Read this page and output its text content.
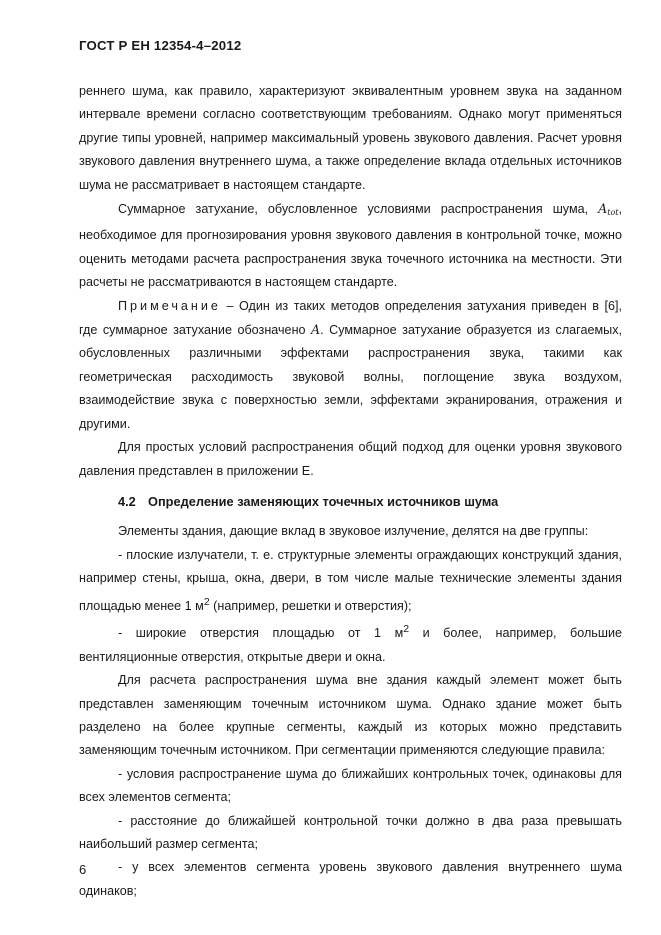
ГОСТ Р ЕН 12354-4–2012

реннего шума, как правило, характеризуют эквивалентным уровнем звука на заданном интервале времени согласно соответствующим требованиям. Однако могут применяться другие типы уровней, например максимальный уровень звукового давления. Расчет уровня звукового давления внутреннего шума, а также определение вклада отдельных источников шума не рассматривает в настоящем стандарте.

Суммарное затухание, обусловленное условиями распространения шума, $A_{tot}$, необходимое для прогнозирования уровня звукового давления в контрольной точке, можно оценить методами расчета распространения звука точечного источника на местности. Эти расчеты не рассматриваются в настоящем стандарте.

Примечание – Один из таких методов определения затухания приведен в [6], где суммарное затухание обозначено A. Суммарное затухание образуется из слагаемых, обусловленных различными эффектами распространения звука, такими как геометрическая расходимость звуковой волны, поглощение звука воздухом, взаимодействие звука с поверхностью земли, эффектами экранирования, отражения и другими.

Для простых условий распространения общий подход для оценки уровня звукового давления представлен в приложении Е.

4.2 Определение заменяющих точечных источников шума

Элементы здания, дающие вклад в звуковое излучение, делятся на две группы:

- плоские излучатели, т. е. структурные элементы ограждающих конструкций здания, например стены, крыша, окна, двери, в том числе малые технические элементы здания площадью менее 1 $м^2$ (например, решетки и отверстия);

- широкие отверстия площадью от 1 $м^2$ и более, например, большие вентиляционные отверстия, открытые двери и окна.

Для расчета распространения шума вне здания каждый элемент может быть представлен заменяющим точечным источником шума. Однако здание может быть разделено на более крупные сегменты, каждый из которых можно представить заменяющим точечным источником. При сегментации применяются следующие правила:

- условия распространение шума до ближайших контрольных точек, одинаковы для всех элементов сегмента;

- расстояние до ближайшей контрольной точки должно в два раза превышать наибольший размер сегмента;

- у всех элементов сегмента уровень звукового давления внутреннего шума одинаков;

6
